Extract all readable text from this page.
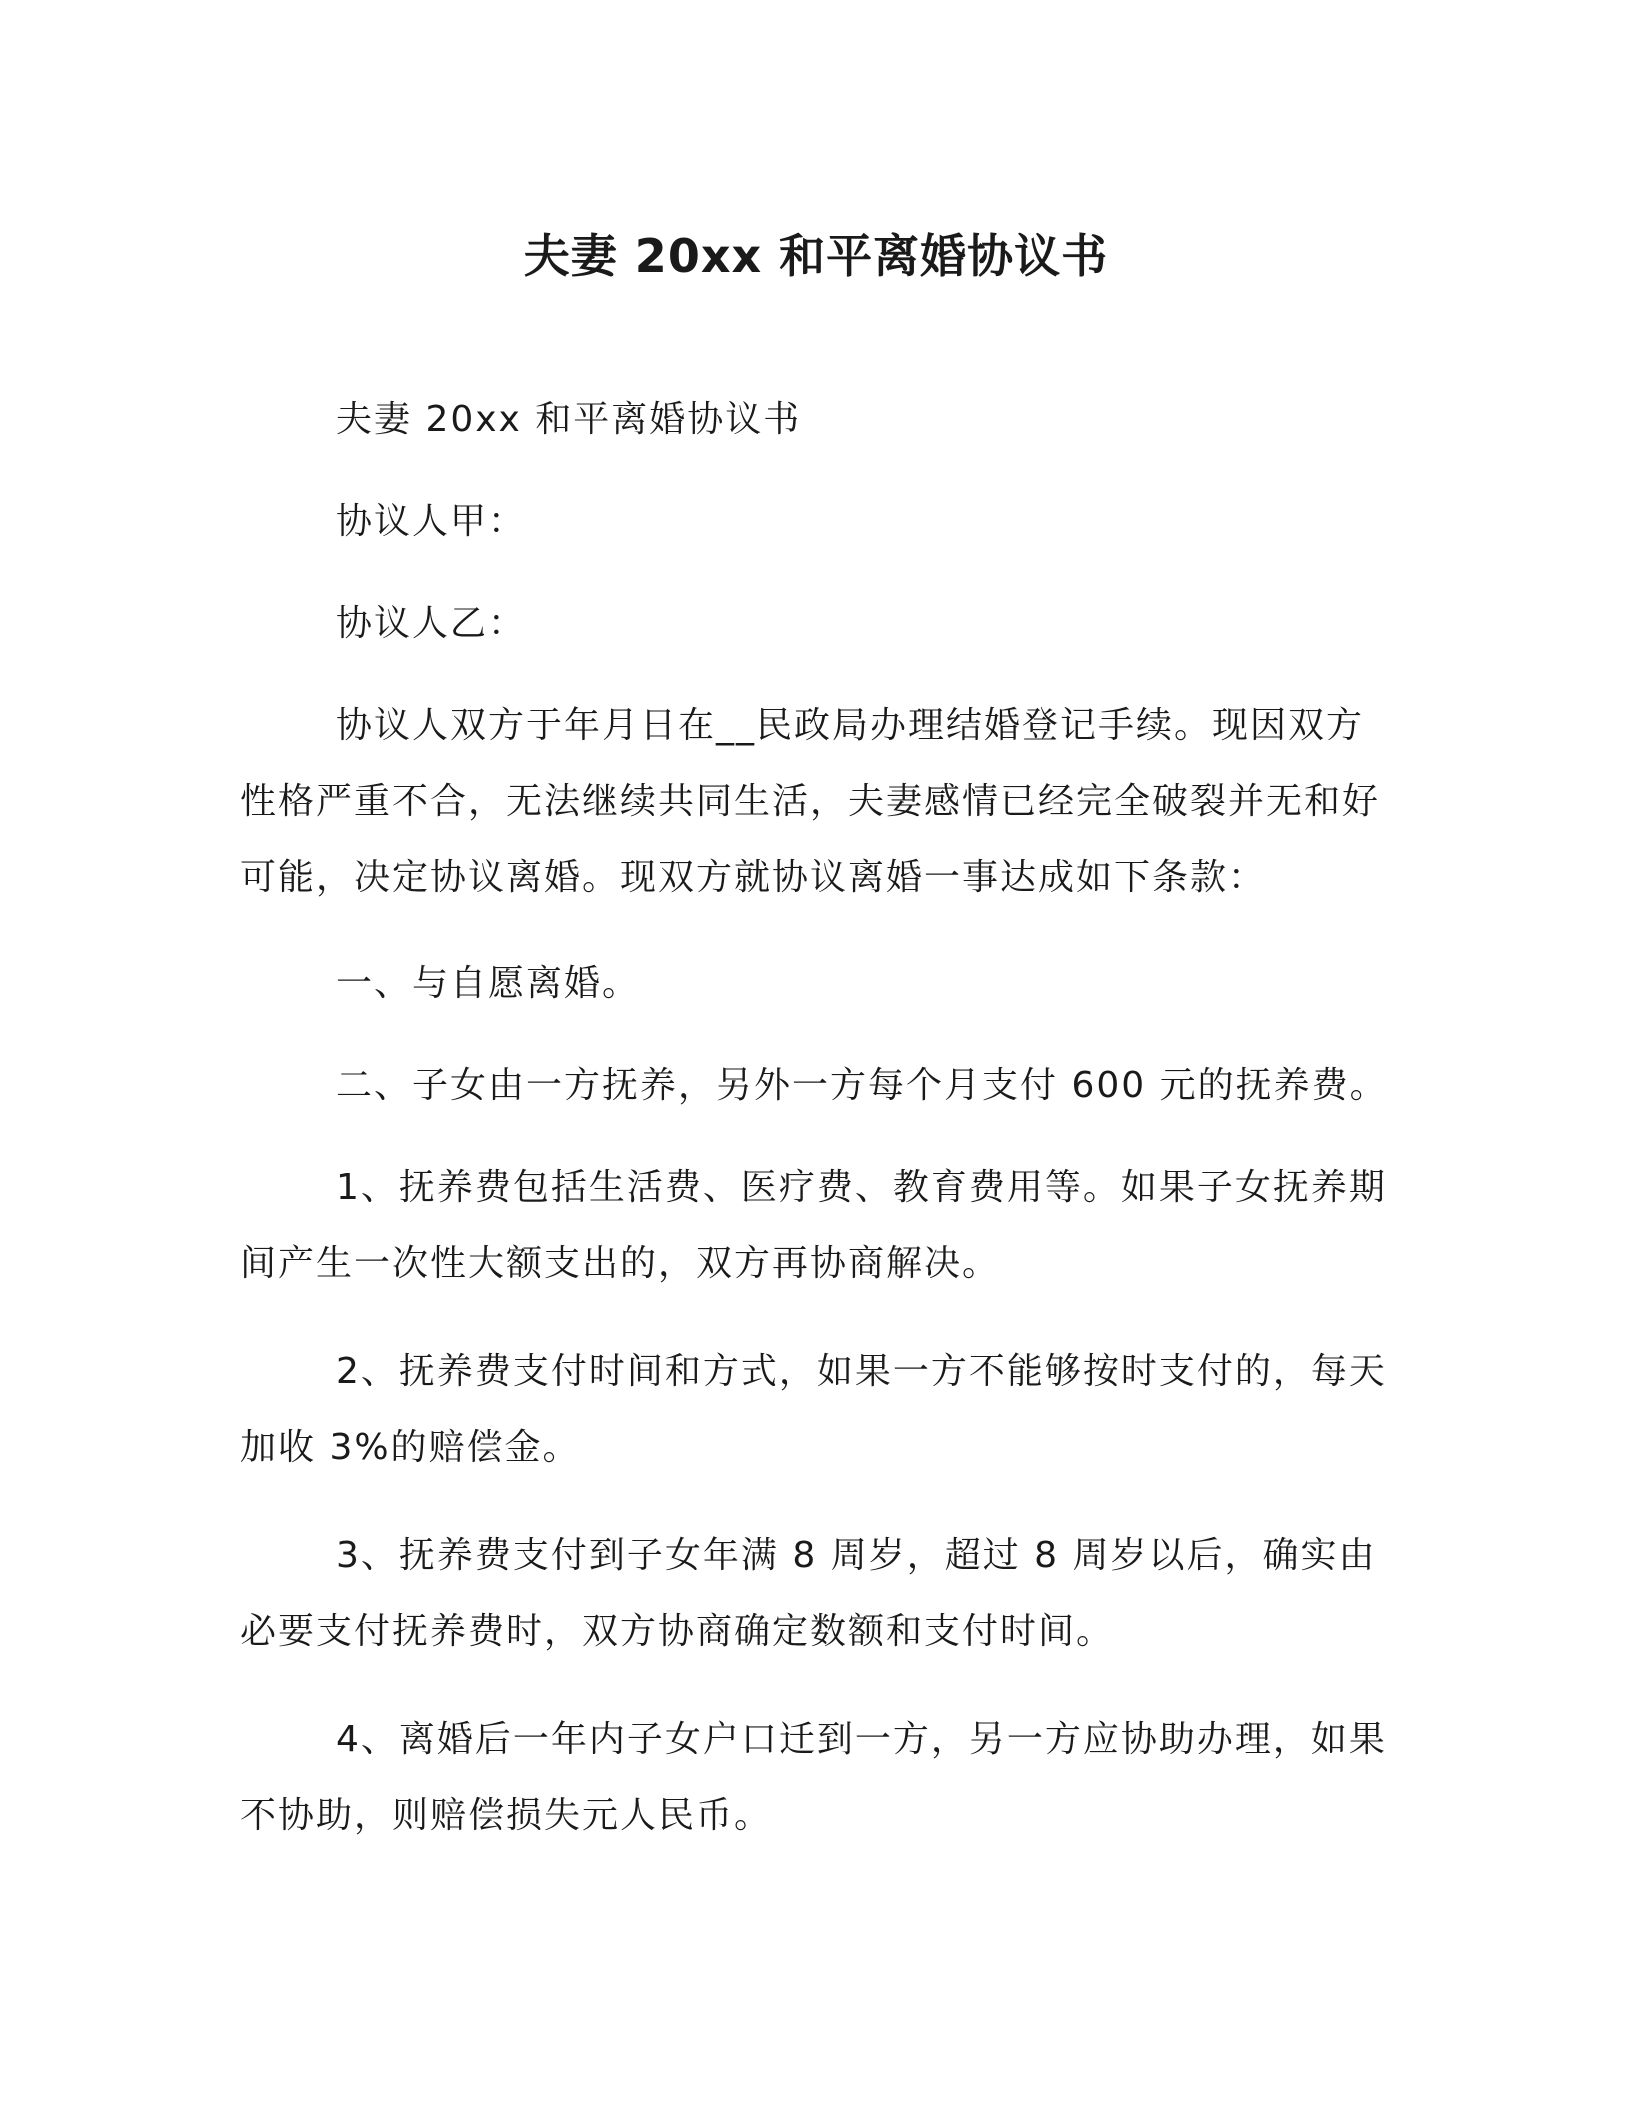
夫妻 20xx 和平离婚协议书

夫妻 20xx 和平离婚协议书

协议人甲：

协议人乙：

协议人双方于年月日在__民政局办理结婚登记手续。现因双方性格严重不合，无法继续共同生活，夫妻感情已经完全破裂并无和好可能，决定协议离婚。现双方就协议离婚一事达成如下条款：

一、与自愿离婚。

二、子女由一方抚养，另外一方每个月支付 600 元的抚养费。

1、抚养费包括生活费、医疗费、教育费用等。如果子女抚养期间产生一次性大额支出的，双方再协商解决。

2、抚养费支付时间和方式，如果一方不能够按时支付的，每天加收 3%的赔偿金。

3、抚养费支付到子女年满 8 周岁，超过 8 周岁以后，确实由必要支付抚养费时，双方协商确定数额和支付时间。

4、离婚后一年内子女户口迁到一方，另一方应协助办理，如果不协助，则赔偿损失元人民币。
